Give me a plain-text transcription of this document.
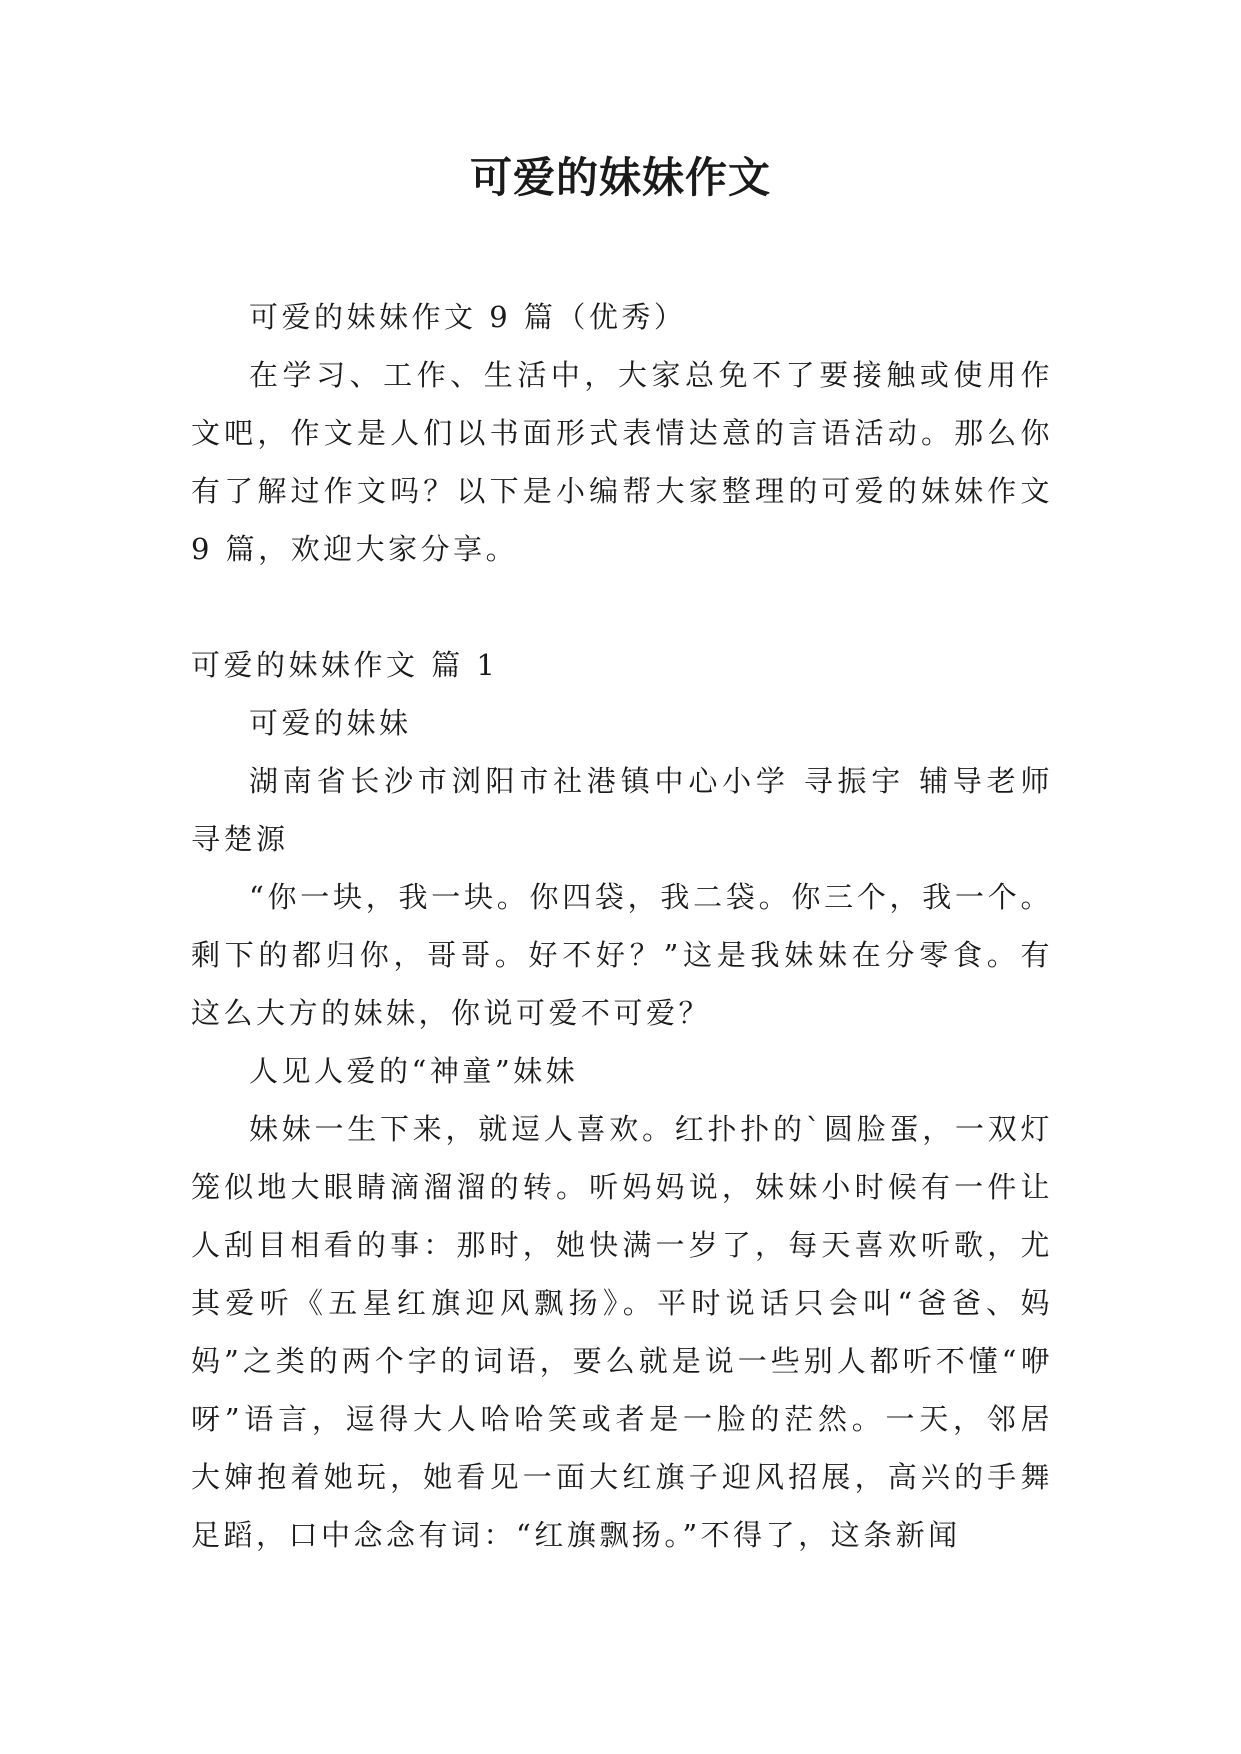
可爱的妹妹作文

可爱的妹妹作文 9 篇（优秀）

在学习、工作、生活中，大家总免不了要接触或使用作文吧，作文是人们以书面形式表情达意的言语活动。那么你有了解过作文吗？以下是小编帮大家整理的可爱的妹妹作文 9 篇，欢迎大家分享。

可爱的妹妹作文 篇 1

可爱的妹妹

湖南省长沙市浏阳市社港镇中心小学 寻振宇 辅导老师 寻楚源

“你一块，我一块。你四袋，我二袋。你三个，我一个。剩下的都归你，哥哥。好不好？”这是我妹妹在分零食。有这么大方的妹妹，你说可爱不可爱？

人见人爱的“神童”妹妹

妹妹一生下来，就逗人喜欢。红扑扑的`圆脸蛋，一双灯笼似地大眼睛滴溜溜的转。听妈妈说，妹妹小时候有一件让人刮目相看的事：那时，她快满一岁了，每天喜欢听歌，尤其爱听《五星红旗迎风飘扬》。平时说话只会叫“爸爸、妈妈”之类的两个字的词语，要么就是说一些别人都听不懂“咿呀”语言，逗得大人哈哈笑或者是一脸的茫然。一天，邻居大婶抱着她玩，她看见一面大红旗子迎风招展，高兴的手舞足蹈，口中念念有词：“红旗飘扬。”不得了，这条新闻
